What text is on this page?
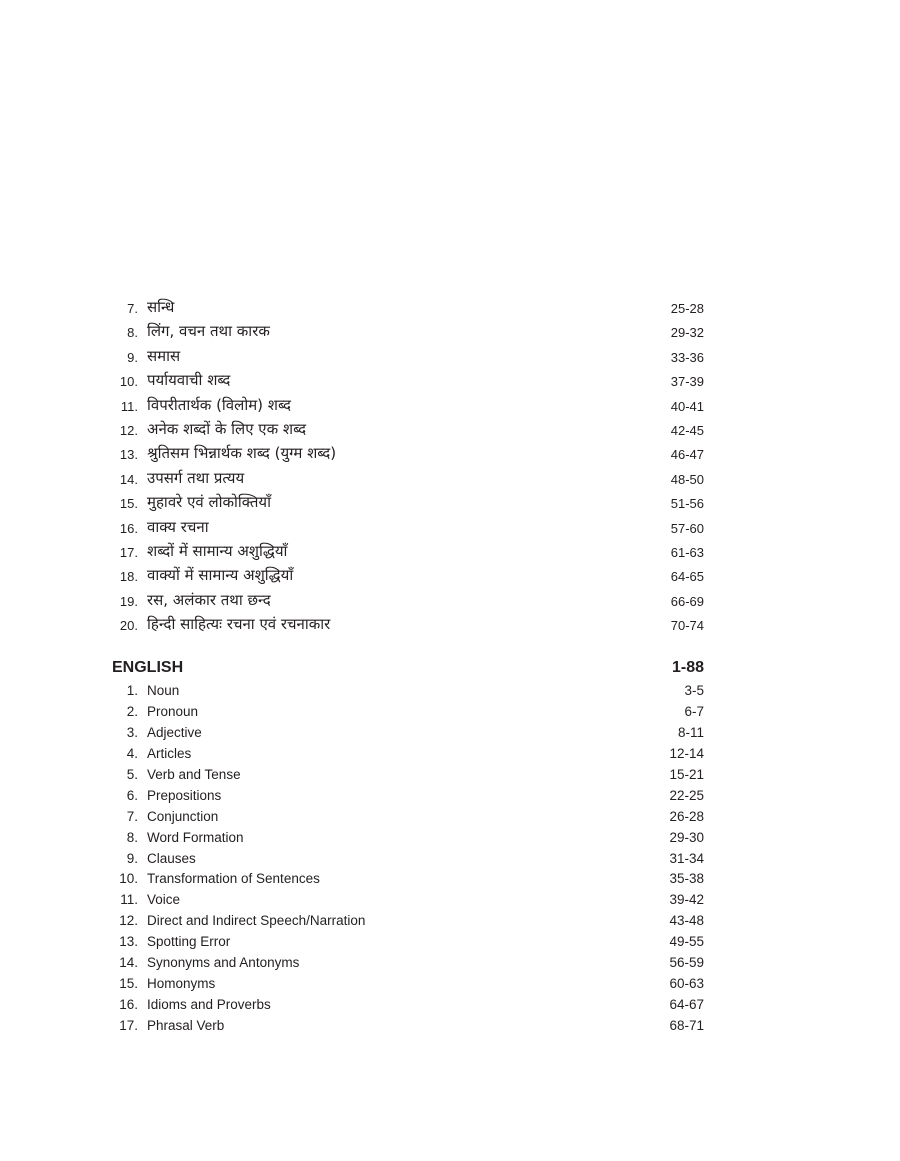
7. सन्धि	25-28
8. लिंग, वचन तथा कारक	29-32
9. समास	33-36
10. पर्यायवाची शब्द	37-39
11. विपरीतार्थक (विलोम) शब्द	40-41
12. अनेक शब्दों के लिए एक शब्द	42-45
13. श्रुतिसम भिन्नार्थक शब्द (युग्म शब्द)	46-47
14. उपसर्ग तथा प्रत्यय	48-50
15. मुहावरे एवं लोकोक्तियाँ	51-56
16. वाक्य रचना	57-60
17. शब्दों में सामान्य अशुद्धियाँ	61-63
18. वाक्यों में सामान्य अशुद्धियाँ	64-65
19. रस, अलंकार तथा छन्द	66-69
20. हिन्दी साहित्यः रचना एवं रचनाकार	70-74
ENGLISH	1-88
1. Noun	3-5
2. Pronoun	6-7
3. Adjective	8-11
4. Articles	12-14
5. Verb and Tense	15-21
6. Prepositions	22-25
7. Conjunction	26-28
8. Word Formation	29-30
9. Clauses	31-34
10. Transformation of Sentences	35-38
11. Voice	39-42
12. Direct and Indirect Speech/Narration	43-48
13. Spotting Error	49-55
14. Synonyms and Antonyms	56-59
15. Homonyms	60-63
16. Idioms and Proverbs	64-67
17. Phrasal Verb	68-71
